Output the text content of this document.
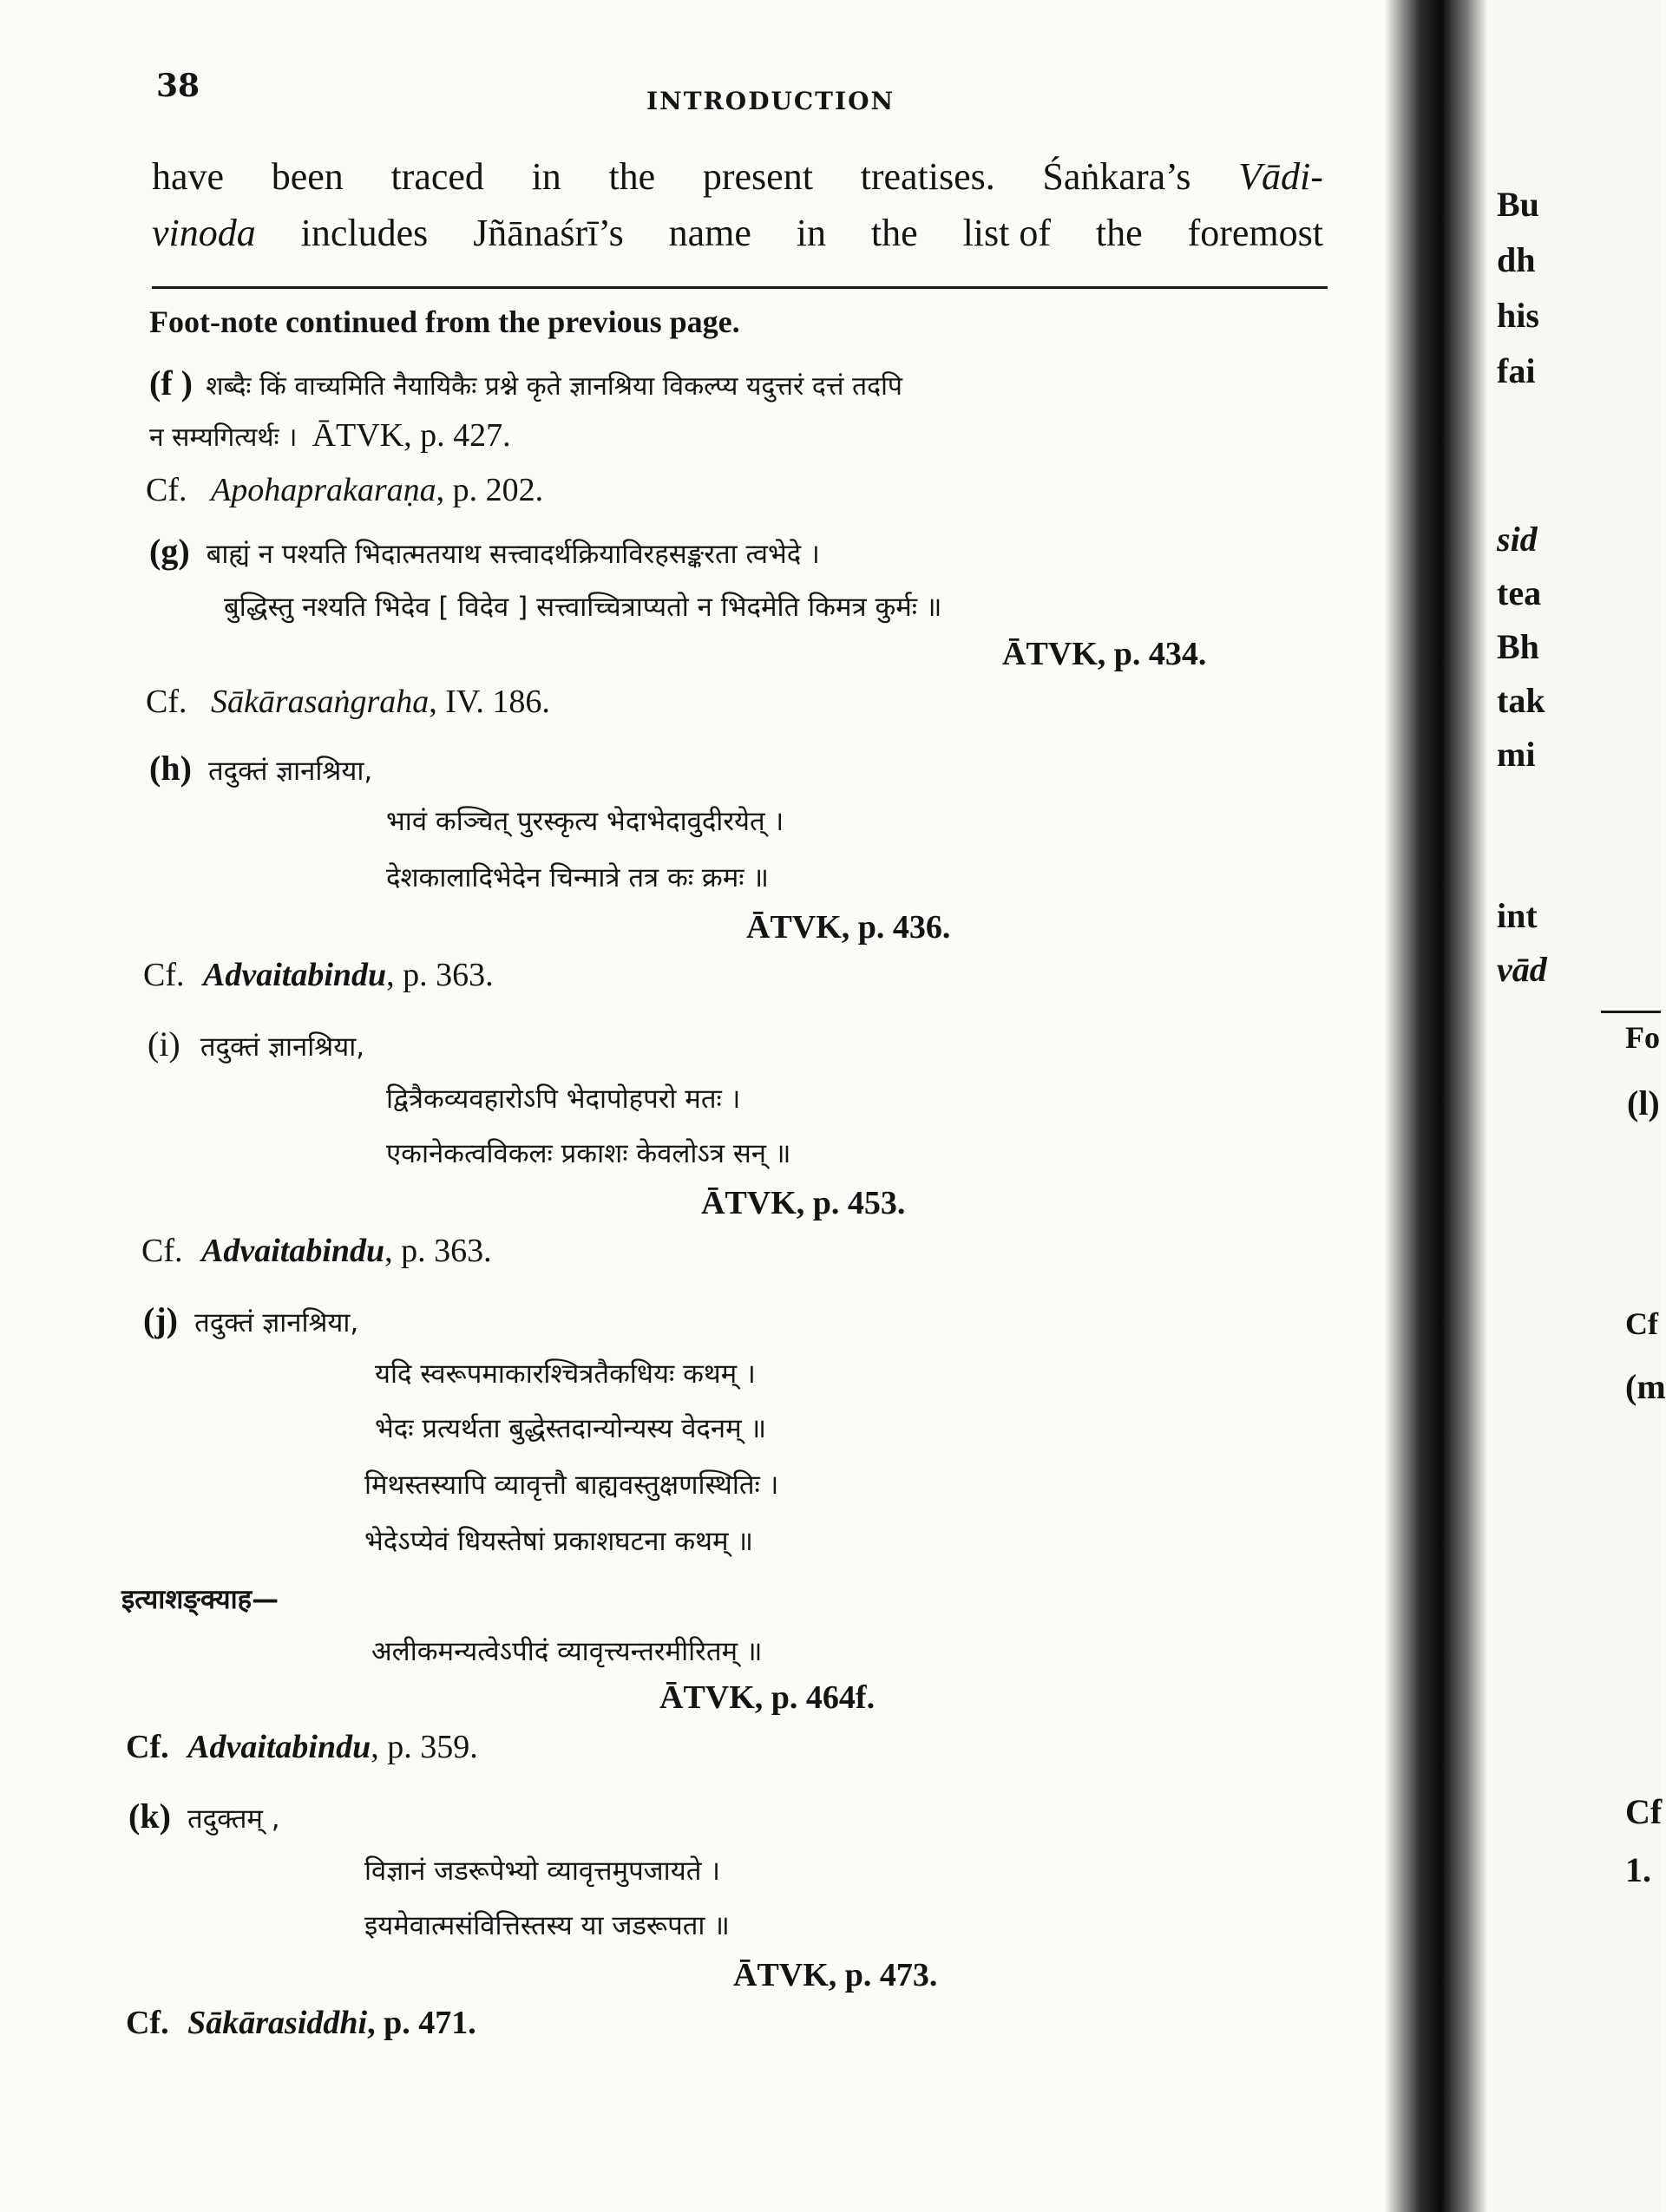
38	INTRODUCTION
have been traced in the present treatises. Śaṅkara’s Vādi-
vinoda includes Jñānaśrī’s name in the list of the foremost
Foot-note continued from the previous page.
(f ) शब्दैः किं वाच्यमिति नैयायिकैः प्रश्ने कृते ज्ञानश्रिया विकल्प्य यदुत्तरं दत्तं तदपि
न सम्यगित्यर्थः । ĀTVK, p. 427.
Cf. Apohaprakaraṇa, p. 202.
(g) बाह्यं न पश्यति भिदात्मतयाथ सत्त्वादर्थक्रियाविरहसङ्करता त्वभेदे ।
बुद्धिस्तु नश्यति भिदेव [ विदेव ] सत्त्वाच्चित्राप्यतो न भिदमेति किमत्र कुर्मः ॥
ĀTVK, p. 434.
Cf. Sākārasaṅgraha, IV. 186.
(h) तदुक्तं ज्ञानश्रिया,
भावं कञ्चित् पुरस्कृत्य भेदाभेदावुदीरयेत् ।
देशकालादिभेदेन चिन्मात्रे तत्र कः क्रमः ॥
ĀTVK, p. 436.
Cf. Advaitabindu, p. 363.
(i) तदुक्तं ज्ञानश्रिया,
द्वित्रैकव्यवहारोऽपि भेदापोहपरो मतः ।
एकानेकत्वविकलः प्रकाशः केवलोऽत्र सन् ॥
ĀTVK, p. 453.
Cf. Advaitabindu, p. 363.
(j) तदुक्तं ज्ञानश्रिया,
यदि स्वरूपमाकारश्चित्रतैकधियः कथम् ।
भेदः प्रत्यर्थता बुद्धेस्तदान्योन्यस्य वेदनम् ॥
मिथस्तस्यापि व्यावृत्तौ बाह्यवस्तुक्षणस्थितिः ।
भेदेऽप्येवं धियस्तेषां प्रकाशघटना कथम् ॥
इत्याशङ्क्याह—
अलीकमन्यत्वेऽपीदं व्यावृत्त्यन्तरमीरितम् ॥
ĀTVK, p. 464f.
Cf. Advaitabindu, p. 359.
(k) तदुक्तम् ,
विज्ञानं जडरूपेभ्यो व्यावृत्तमुपजायते ।
इयमेवात्मसंवित्तिस्तस्य या जडरूपता ॥
ĀTVK, p. 473.
Cf. Sākārasiddhi, p. 471.
Bu
dh
his
fai
sid
tea
Bh
tak
mi
int
vād
Fo
(l)
Cf
(m
Cf
1.
